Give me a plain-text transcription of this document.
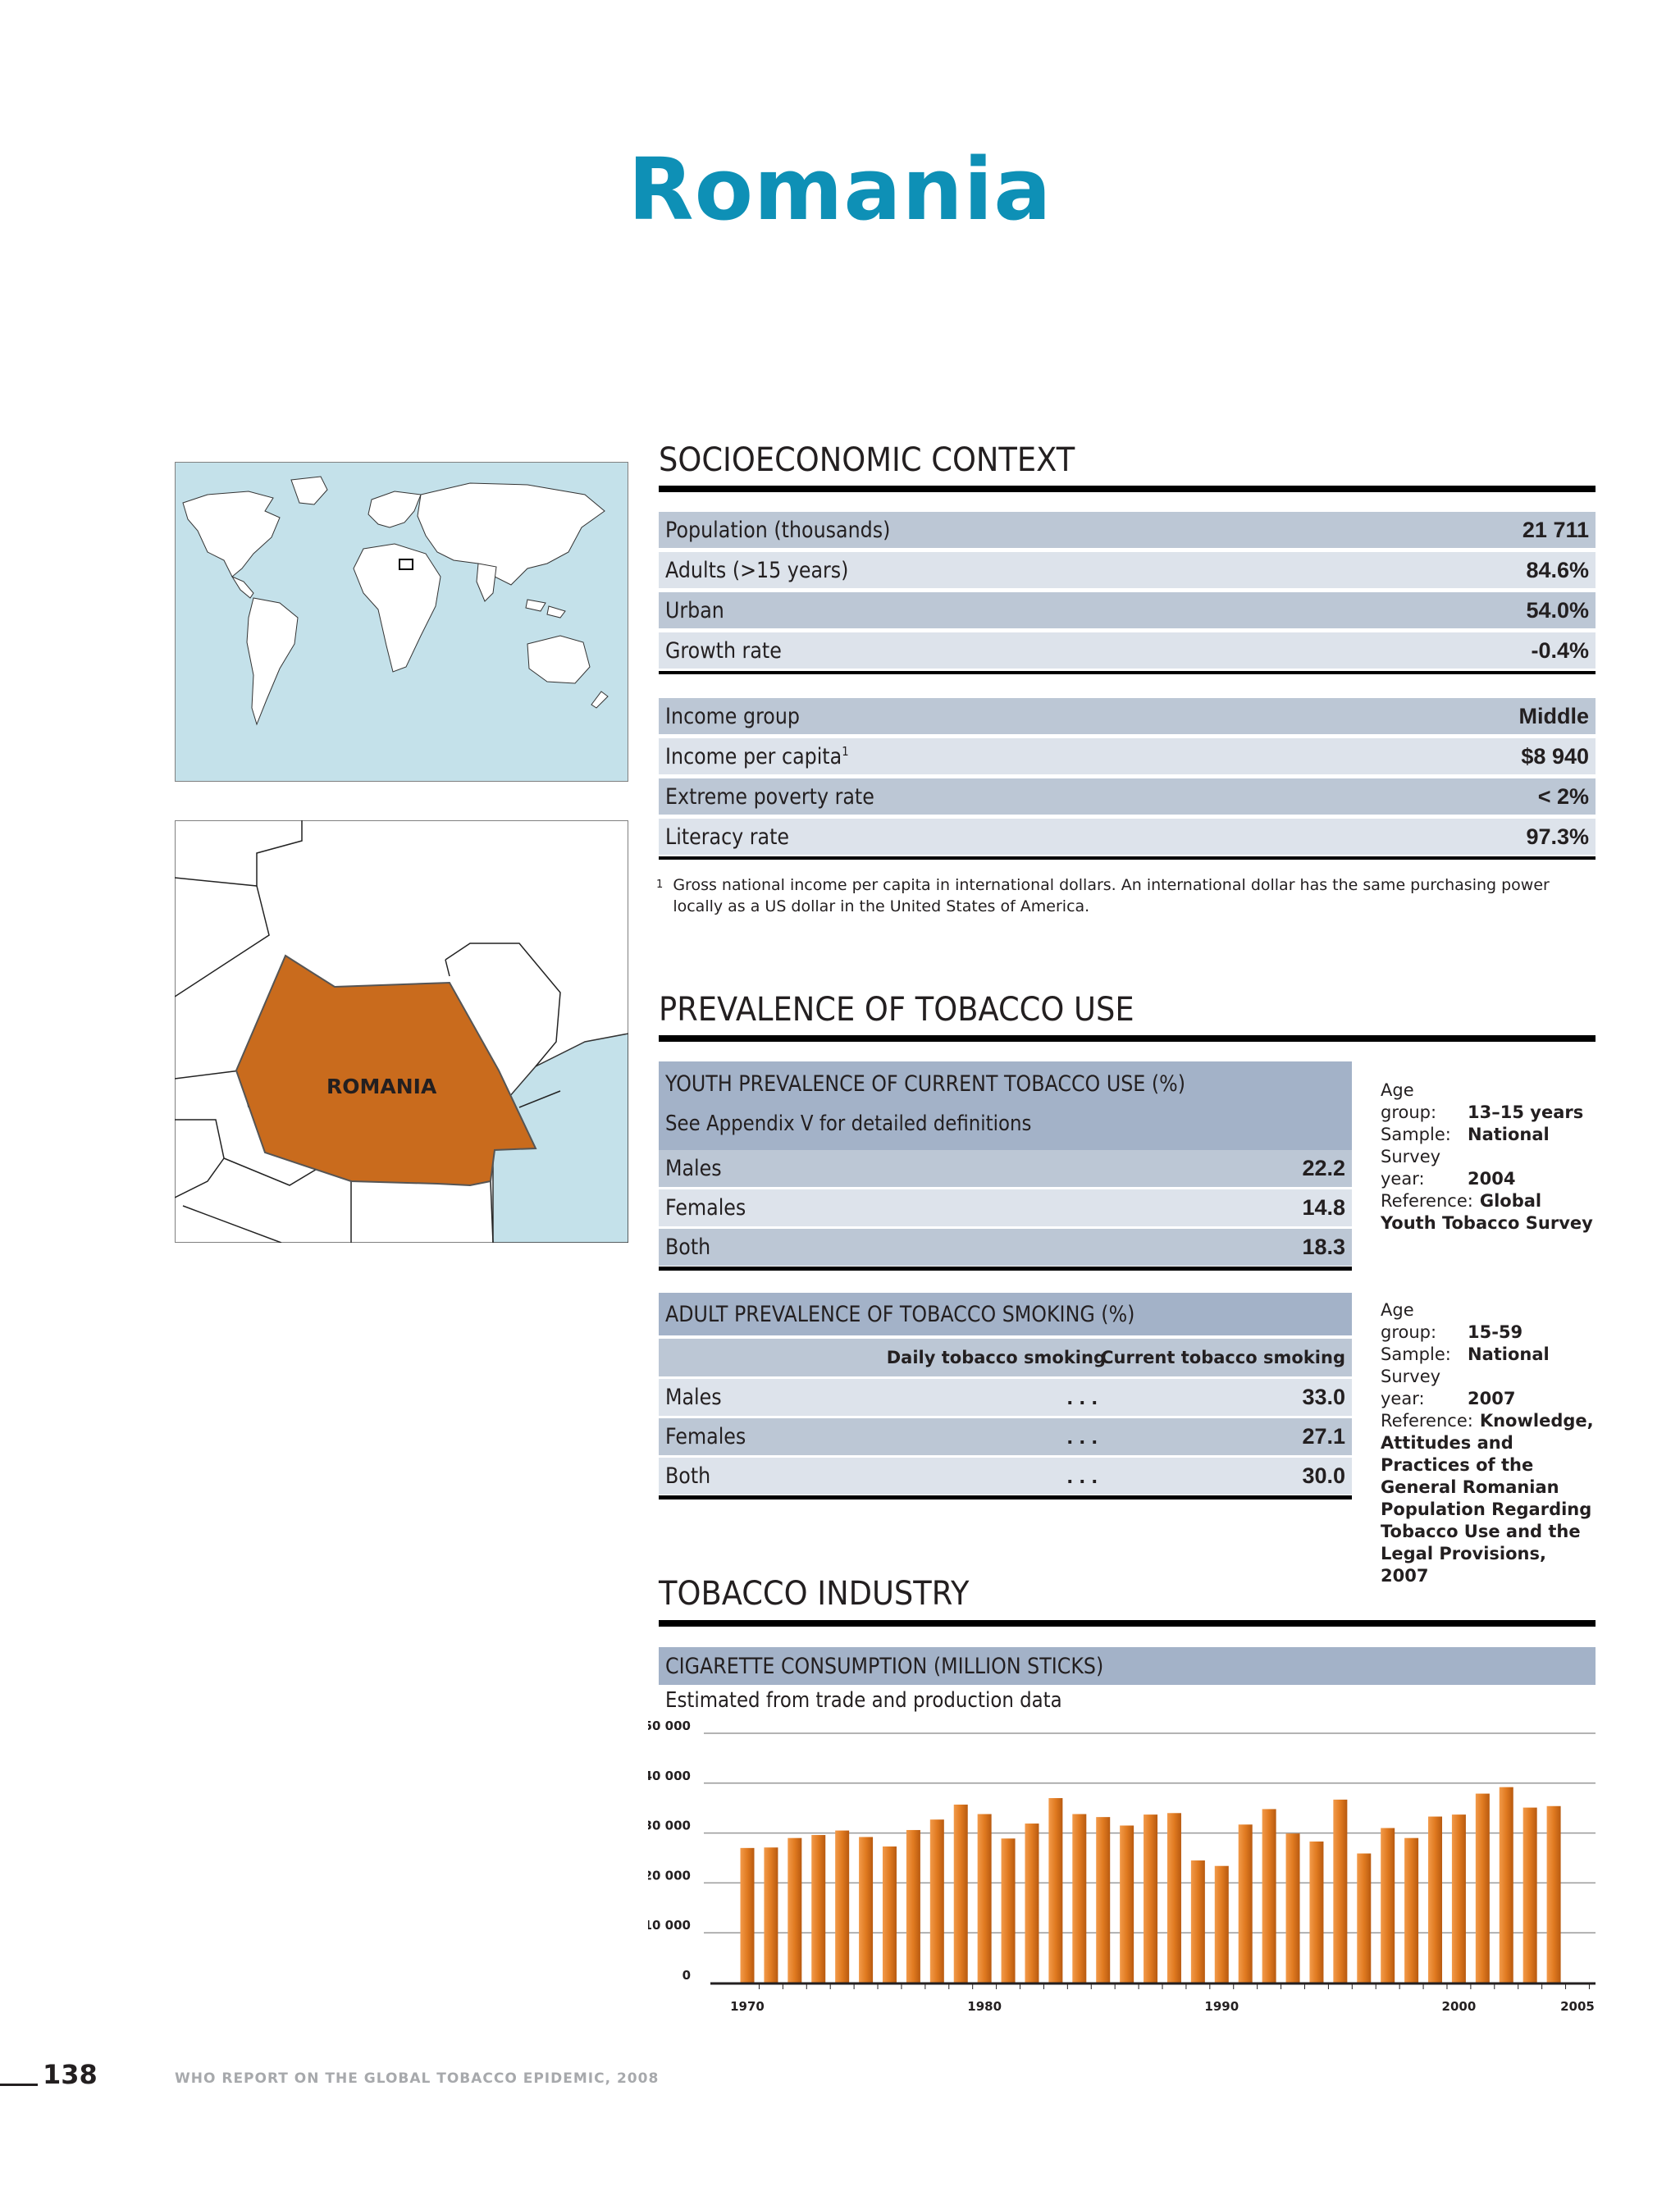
Romania
ROMANIA
SOCIOECONOMIC CONTEXT
Population (thousands)	21 711
Adults (>15 years)	84.6%
Urban	54.0%
Growth rate	-0.4%
Income group	Middle
Income per capita$^1$	$8 940
Extreme poverty rate	< 2%
Literacy rate	97.3%
$^1$ Gross national income per capita in international dollars. An international dollar has the same purchasing power locally as a US dollar in the United States of America.
PREVALENCE OF TOBACCO USE
YOUTH PREVALENCE OF CURRENT TOBACCO USE (%) See Appendix V for detailed definitions
Males	22.2
Females	14.8
Both	18.3
Age group: 13–15 years
Sample: National
Survey year: 2004
Reference: Global Youth Tobacco Survey
ADULT PREVALENCE OF TOBACCO SMOKING (%)
Daily tobacco smoking
Current tobacco smoking
Males	. . .	33.0
Females	. . .	27.1
Both	. . .	30.0
Age group: 15-59
Sample: National
Survey year: 2007
Reference: Knowledge, Attitudes and Practices of the General Romanian Population Regarding Tobacco Use and the Legal Provisions, 2007
TOBACCO INDUSTRY
CIGARETTE CONSUMPTION (MILLION STICKS)
Estimated from trade and production data
0
10 000
20 000
30 000
40 000
50 000
1970	1980	1990	2000	2005
138	WHO REPORT ON THE GLOBAL TOBACCO EPIDEMIC, 2008
